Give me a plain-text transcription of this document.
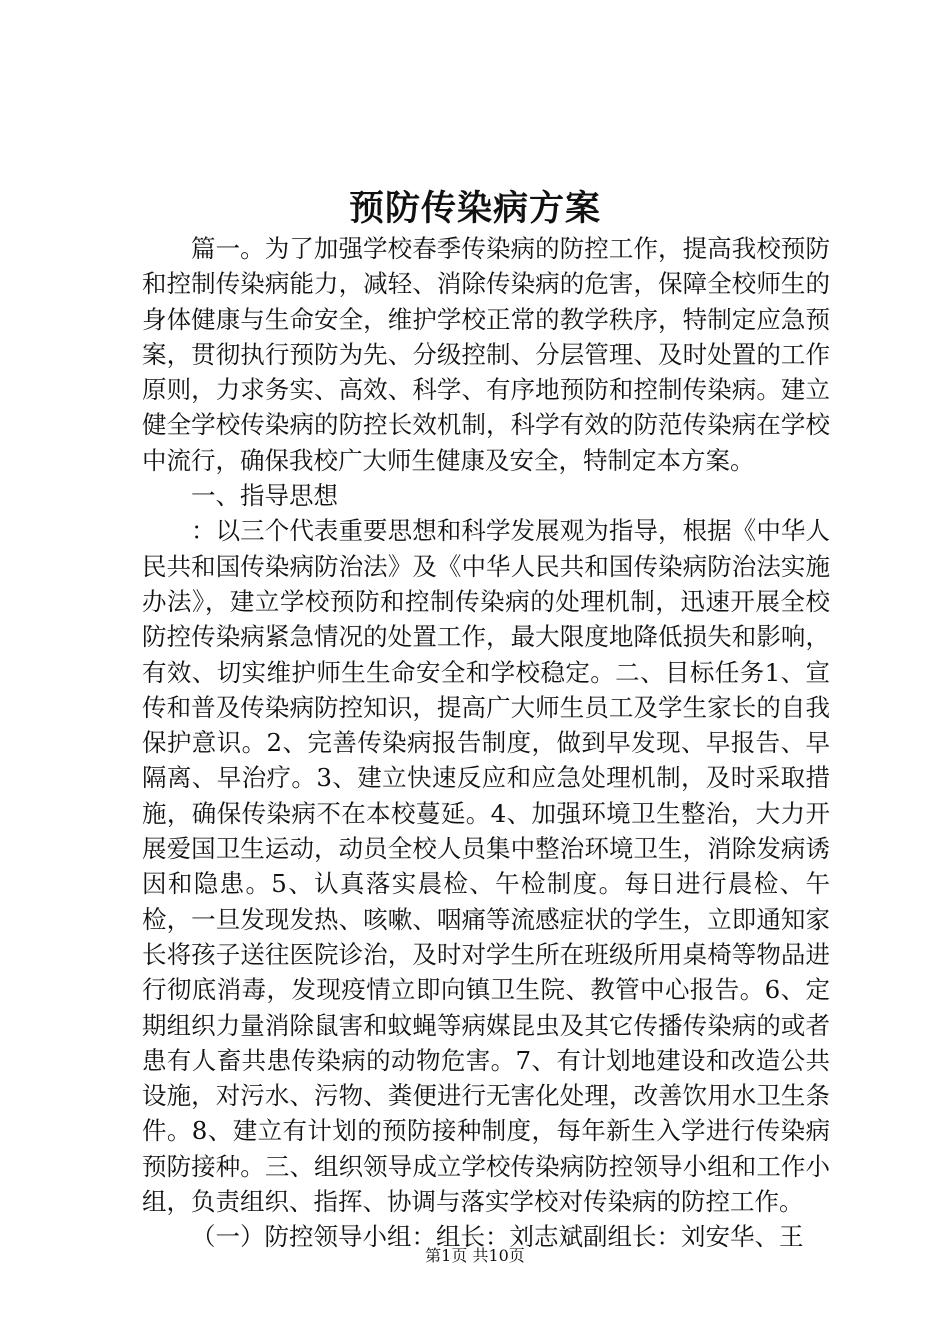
预防传染病方案

篇一。为了加强学校春季传染病的防控工作，提高我校预防和控制传染病能力，减轻、消除传染病的危害，保障全校师生的身体健康与生命安全，维护学校正常的教学秩序，特制定应急预案，贯彻执行预防为先、分级控制、分层管理、及时处置的工作原则，力求务实、高效、科学、有序地预防和控制传染病。建立健全学校传染病的防控长效机制，科学有效的防范传染病在学校中流行，确保我校广大师生健康及安全，特制定本方案。

一、指导思想

：以三个代表重要思想和科学发展观为指导，根据《中华人民共和国传染病防治法》及《中华人民共和国传染病防治法实施办法》，建立学校预防和控制传染病的处理机制，迅速开展全校防控传染病紧急情况的处置工作，最大限度地降低损失和影响，有效、切实维护师生生命安全和学校稳定。二、目标任务1、宣传和普及传染病防控知识，提高广大师生员工及学生家长的自我保护意识。2、完善传染病报告制度，做到早发现、早报告、早隔离、早治疗。3、建立快速反应和应急处理机制，及时采取措施，确保传染病不在本校蔓延。4、加强环境卫生整治，大力开展爱国卫生运动，动员全校人员集中整治环境卫生，消除发病诱因和隐患。5、认真落实晨检、午检制度。每日进行晨检、午检，一旦发现发热、咳嗽、咽痛等流感症状的学生，立即通知家长将孩子送往医院诊治，及时对学生所在班级所用桌椅等物品进行彻底消毒，发现疫情立即向镇卫生院、教管中心报告。6、定期组织力量消除鼠害和蚊蝇等病媒昆虫及其它传播传染病的或者患有人畜共患传染病的动物危害。7、有计划地建设和改造公共设施，对污水、污物、粪便进行无害化处理，改善饮用水卫生条件。8、建立有计划的预防接种制度，每年新生入学进行传染病预防接种。三、组织领导成立学校传染病防控领导小组和工作小组，负责组织、指挥、协调与落实学校对传染病的防控工作。

（一）防控领导小组：组长：刘志斌副组长：刘安华、王

第1页 共10页
